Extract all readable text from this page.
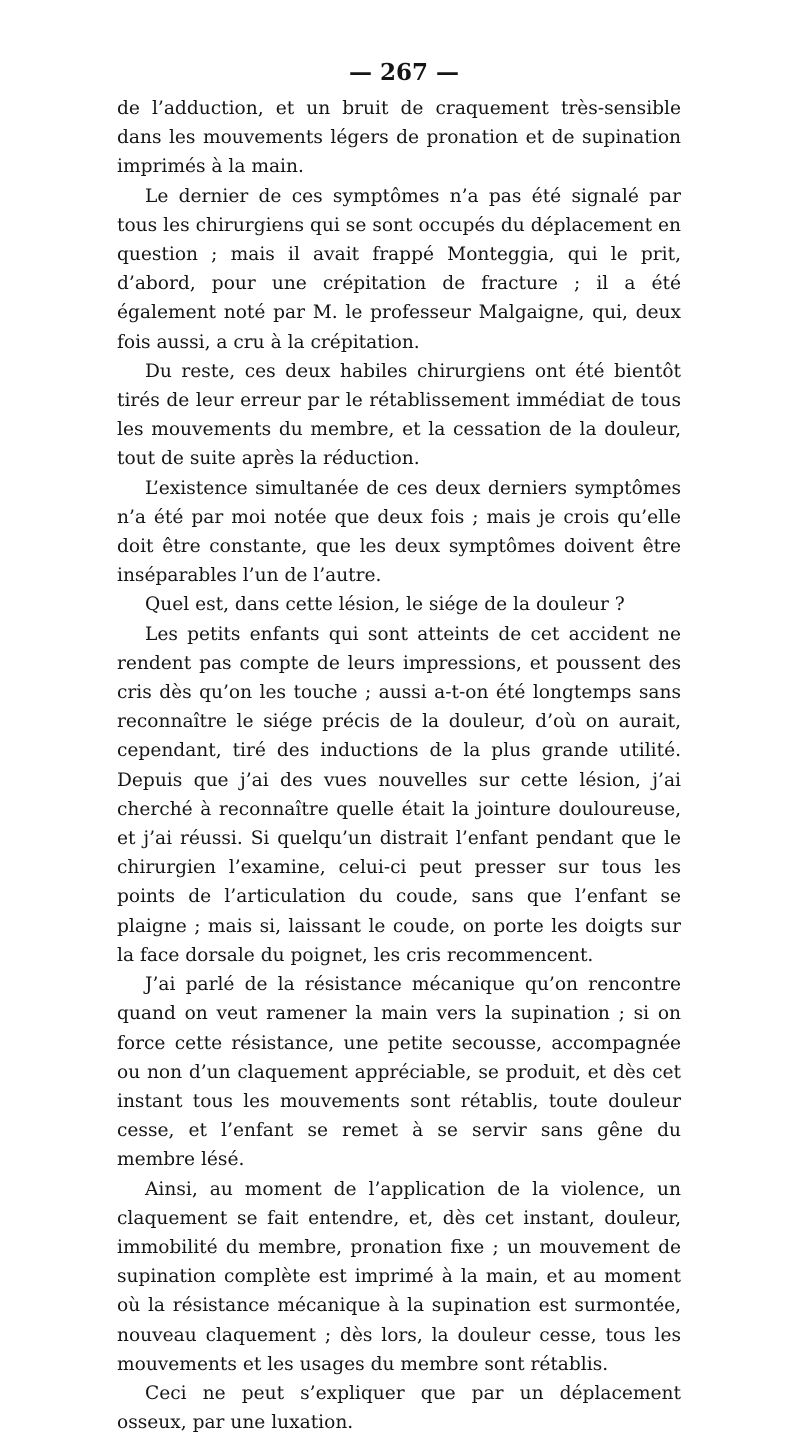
— 267 —

de l’adduction, et un bruit de craquement très-sensible dans les mouvements légers de pronation et de supination imprimés à la main.

Le dernier de ces symptômes n’a pas été signalé par tous les chirurgiens qui se sont occupés du déplacement en question ; mais il avait frappé Monteggia, qui le prit, d’abord, pour une crépitation de fracture ; il a été également noté par M. le professeur Malgaigne, qui, deux fois aussi, a cru à la crépitation.

Du reste, ces deux habiles chirurgiens ont été bientôt tirés de leur erreur par le rétablissement immédiat de tous les mouvements du membre, et la cessation de la douleur, tout de suite après la réduction.

L’existence simultanée de ces deux derniers symptômes n’a été par moi notée que deux fois ; mais je crois qu’elle doit être constante, que les deux symptômes doivent être inséparables l’un de l’autre.

Quel est, dans cette lésion, le siége de la douleur ?

Les petits enfants qui sont atteints de cet accident ne rendent pas compte de leurs impressions, et poussent des cris dès qu’on les touche ; aussi a-t-on été longtemps sans reconnaître le siége précis de la douleur, d’où on aurait, cependant, tiré des inductions de la plus grande utilité. Depuis que j’ai des vues nouvelles sur cette lésion, j’ai cherché à reconnaître quelle était la jointure douloureuse, et j’ai réussi. Si quelqu’un distrait l’enfant pendant que le chirurgien l’examine, celui-ci peut presser sur tous les points de l’articulation du coude, sans que l’enfant se plaigne ; mais si, laissant le coude, on porte les doigts sur la face dorsale du poignet, les cris recommencent.

J’ai parlé de la résistance mécanique qu’on rencontre quand on veut ramener la main vers la supination ; si on force cette résistance, une petite secousse, accompagnée ou non d’un claquement appréciable, se produit, et dès cet instant tous les mouvements sont rétablis, toute douleur cesse, et l’enfant se remet à se servir sans gêne du membre lésé.

Ainsi, au moment de l’application de la violence, un claquement se fait entendre, et, dès cet instant, douleur, immobilité du membre, pronation fixe ; un mouvement de supination complète est imprimé à la main, et au moment où la résistance mécanique à la supination est surmontée, nouveau claquement ; dès lors, la douleur cesse, tous les mouvements et les usages du membre sont rétablis.

Ceci ne peut s’expliquer que par un déplacement osseux, par une luxation.
